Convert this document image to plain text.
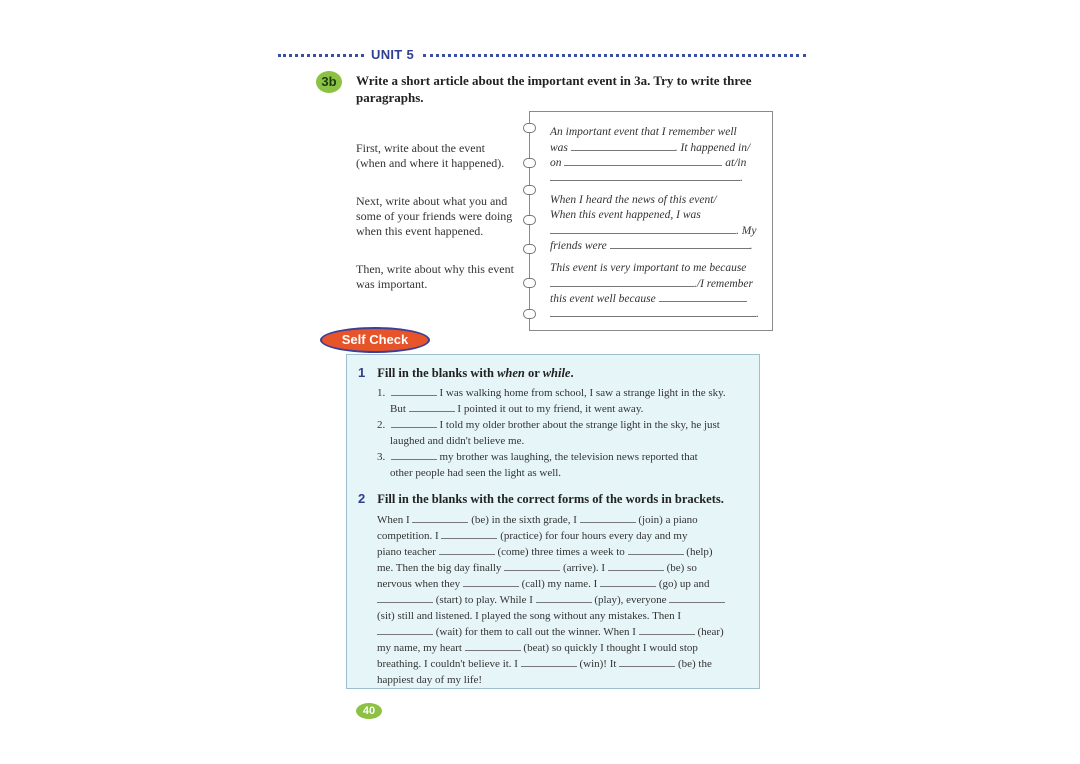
UNIT 5
3b	Write a short article about the important event in 3a. Try to write three paragraphs.
First, write about the event (when and where it happened).
Next, write about what you and some of your friends were doing when this event happened.
Then, write about why this event was important.
An important event that I remember well
was	. It happened in/
on	at/in
.
When I heard the news of this event/
When this event happened, I was
. My
friends were	.
This event is very important to me because
./I remember
this event well because
.
Self Check
1 Fill in the blanks with when or while.
1.	I was walking home from school, I saw a strange light in the sky.
But	I pointed it out to my friend, it went away.
2.	I told my older brother about the strange light in the sky, he just
laughed and didn't believe me.
3.	my brother was laughing, the television news reported that
other people had seen the light as well.
2 Fill in the blanks with the correct forms of the words in brackets.
When I	(be) in the sixth grade, I	(join) a piano
competition. I	(practice) for four hours every day and my
piano teacher	(come) three times a week to	(help)
me. Then the big day finally	(arrive). I	(be) so
nervous when they	(call) my name. I	(go) up and
(start) to play. While I	(play), everyone
(sit) still and listened. I played the song without any mistakes. Then I
(wait) for them to call out the winner. When I	(hear)
my name, my heart	(beat) so quickly I thought I would stop
breathing. I couldn't believe it. I	(win)! It	(be) the
happiest day of my life!
40
